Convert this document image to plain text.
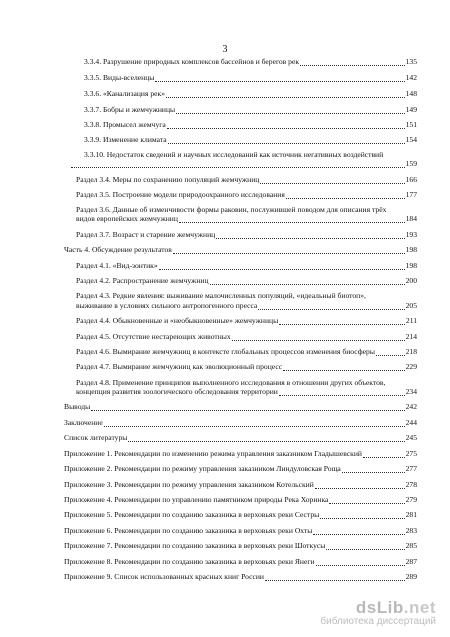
3
3.3.4. Разрушение природных комплексов бассейнов и берегов рек	135
3.3.5. Виды-вселенцы	142
3.3.6. «Канализация рек»	148
3.3.7. Бобры и жемчужницы	149
3.3.8. Промысел жемчуга	151
3.3.9. Изменение климата	154
3.3.10. Недостаток сведений и научных исследований как источник негативных воздействий
159
Раздел 3.4. Меры по сохранению популяций жемчужниц	166
Раздел 3.5. Построение модели природоохранного исследования	177
Раздел 3.6. Данные об изменчивости формы раковин, послужившей поводом для описания трёх
видов европейских жемчужниц	184
Раздел 3.7. Возраст и старение жемчужниц	193
Часть 4. Обсуждение результатов	198
Раздел 4.1. «Вид-зонтик»	198
Раздел 4.2. Распространение жемчужниц	200
Раздел 4.3. Редкие явления: выживание малочисленных популяций, «идеальный биотоп»,
выживание в условиях сильного антропогенного пресса	205
Раздел 4.4. Обыкновенные и «необыкновенные» жемчужницы	211
Раздел 4.5. Отсутствие нестареющих животных	214
Раздел 4.6. Вымирание жемчужниц в контексте глобальных процессов изменения биосферы	218
Раздел 4.7. Вымирание жемчужниц как эволюционный процесс	229
Раздел 4.8. Применение принципов выполненного исследования в отношении других объектов,
концепция развития зоологического обследования территории	234
Выводы	242
Заключение	244
Список литературы	245
Приложение 1. Рекомендации по изменению режима управления заказником Гладышевский	275
Приложение 2. Рекомендации по режиму управления заказником Линдуловская Роща	277
Приложение 3. Рекомендации по режиму управления заказником Котельский	278
Приложение 4. Рекомендации по управлению памятником природы Река Хоринка	279
Приложение 5. Рекомендации по созданию заказника в верховьях реки Сестры	281
Приложение 6. Рекомендации по созданию заказника в верховьях реки Охты	283
Приложение 7. Рекомендации по созданию заказника в верховьях реки Шоткусы	285
Приложение 8. Рекомендации по созданию заказника в верховьях реки Янеги	287
Приложение 9. Список использованных красных книг России	289
dsLib.net
библиотека диссертаций
